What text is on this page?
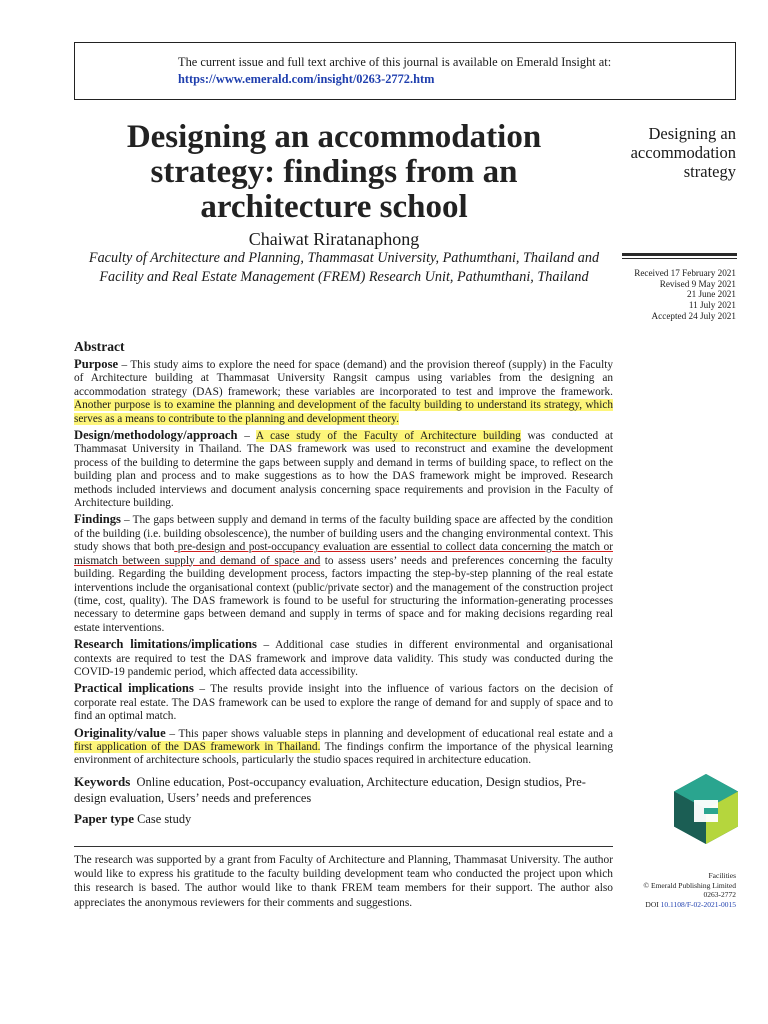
The current issue and full text archive of this journal is available on Emerald Insight at:
https://www.emerald.com/insight/0263-2772.htm
Designing an accommodation strategy: findings from an architecture school
Designing an accommodation strategy
Chaiwat Riratanaphong
Faculty of Architecture and Planning, Thammasat University, Pathumthani, Thailand and Facility and Real Estate Management (FREM) Research Unit, Pathumthani, Thailand	Received 17 February 2021
Revised 9 May 2021
21 June 2021
11 July 2021
Accepted 24 July 2021
Abstract

Purpose – This study aims to explore the need for space (demand) and the provision thereof (supply) in the Faculty of Architecture building at Thammasat University Rangsit campus using variables from the designing an accommodation strategy (DAS) framework; these variables are incorporated to test and improve the framework. Another purpose is to examine the planning and development of the faculty building to understand its strategy, which serves as a means to contribute to the planning and development theory.

Design/methodology/approach – A case study of the Faculty of Architecture building was conducted at Thammasat University in Thailand. The DAS framework was used to reconstruct and examine the development process of the building to determine the gaps between supply and demand in terms of building space, to reflect on the building plan and process and to make suggestions as to how the DAS framework might be improved. Research methods included interviews and document analysis concerning space requirements and provision in the Faculty of Architecture building.

Findings – The gaps between supply and demand in terms of the faculty building space are affected by the condition of the building (i.e. building obsolescence), the number of building users and the changing environmental context. This study shows that both pre-design and post-occupancy evaluation are essential to collect data concerning the match or mismatch between supply and demand of space and to assess users’ needs and preferences concerning the faculty building. Regarding the building development process, factors impacting the step-by-step planning of the real estate interventions include the organisational context (public/private sector) and the management of the construction project (time, cost, quality). The DAS framework is found to be useful for structuring the information-generating processes necessary to determine gaps between demand and supply in terms of space and for making decisions regarding real estate interventions.

Research limitations/implications – Additional case studies in different environmental and organisational contexts are required to test the DAS framework and improve data validity. This study was conducted during the COVID-19 pandemic period, which affected data accessibility.

Practical implications – The results provide insight into the influence of various factors on the decision of corporate real estate. The DAS framework can be used to explore the range of demand for and supply of space and to find an optimal match.

Originality/value – This paper shows valuable steps in planning and development of educational real estate and a first application of the DAS framework in Thailand. The findings confirm the importance of the physical learning environment of architecture schools, particularly the studio spaces required in architecture education.

Keywords Online education, Post-occupancy evaluation, Architecture education, Design studios, Pre-design evaluation, Users’ needs and preferences
Paper type Case study
The research was supported by a grant from Faculty of Architecture and Planning, Thammasat University. The author would like to express his gratitude to the faculty building development team who conducted the project upon which this research is based. The author would like to thank FREM team members for their support. The author also appreciates the anonymous reviewers for their comments and suggestions.
Facilities
© Emerald Publishing Limited
0263-2772
DOI 10.1108/F-02-2021-0015
